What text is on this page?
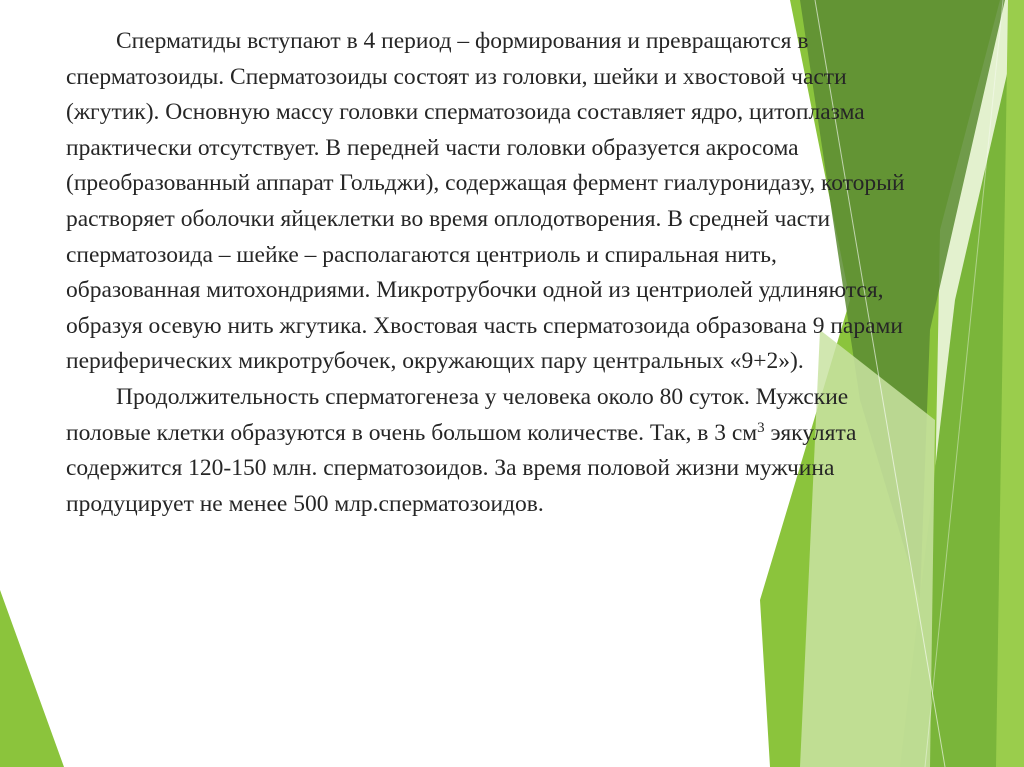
Сперматиды вступают в 4 период – формирования и превращаются в сперматозоиды. Сперматозоиды состоят из головки, шейки и хвостовой части (жгутик). Основную массу головки сперматозоида составляет ядро, цитоплазма практически отсутствует. В передней части головки образуется акросома (преобразованный аппарат Гольджи), содержащая фермент гиалуронидазу, который растворяет оболочки яйцеклетки во время оплодотворения. В средней части сперматозоида – шейке – располагаются центриоль и спиральная нить, образованная митохондриями. Микротрубочки одной из центриолей удлиняются, образуя осевую нить жгутика. Хвостовая часть сперматозоида образована 9 парами периферических микротрубочек, окружающих пару центральных «9+2»).

Продолжительность сперматогенеза у человека около 80 суток. Мужские половые клетки образуются в очень большом количестве. Так, в 3 $см^3$ эякулята содержится 120-150 млн. сперматозоидов. За время половой жизни мужчина продуцирует не менее 500 млр.сперматозоидов.
